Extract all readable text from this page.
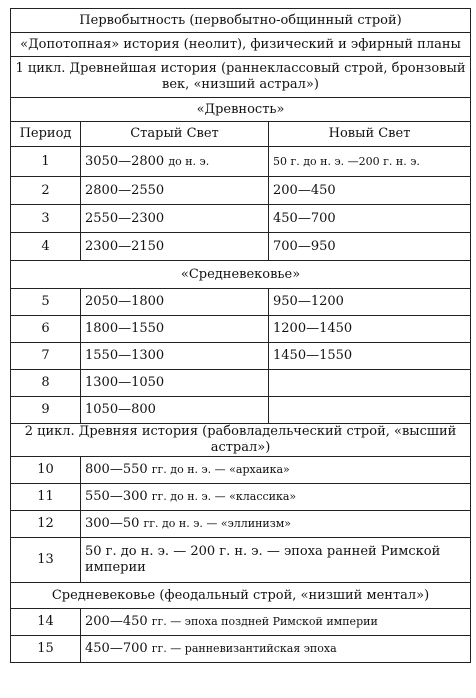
Первобытность (первобытно-общинный строй)		
«Допотопная» история (неолит), физический и эфирный планы		
1 цикл. Древнейшая история (раннеклассовый строй, бронзовый век, «низший астрал»)		
«Древность»		
Период	Старый Свет	Новый Свет
1	3050—2800 до н. э.	50 г. до н. э. —200 г. н. э.
2	2800—2550	200—450
3	2550—2300	450—700
4	2300—2150	700—950
«Средневековье»		
5	2050—1800	950—1200
6	1800—1550	1200—1450
7	1550—1300	1450—1550
8	1300—1050	
9	1050—800	
2 цикл. Древняя история (рабовладельческий строй, «высший астрал»)		
10	800—550 гг. до н. э. — «архаика»	
11	550—300 гг. до н. э. — «классика»	
12	300—50 гг. до н. э. — «эллинизм»	
13	50 г. до н. э. — 200 г. н. э. — эпоха ранней Римской империи	
Средневековье (феодальный строй, «низший ментал»)		
14	200—450 гг. — эпоха поздней Римской империи	
15	450—700 гг. — ранневизантийская эпоха	
